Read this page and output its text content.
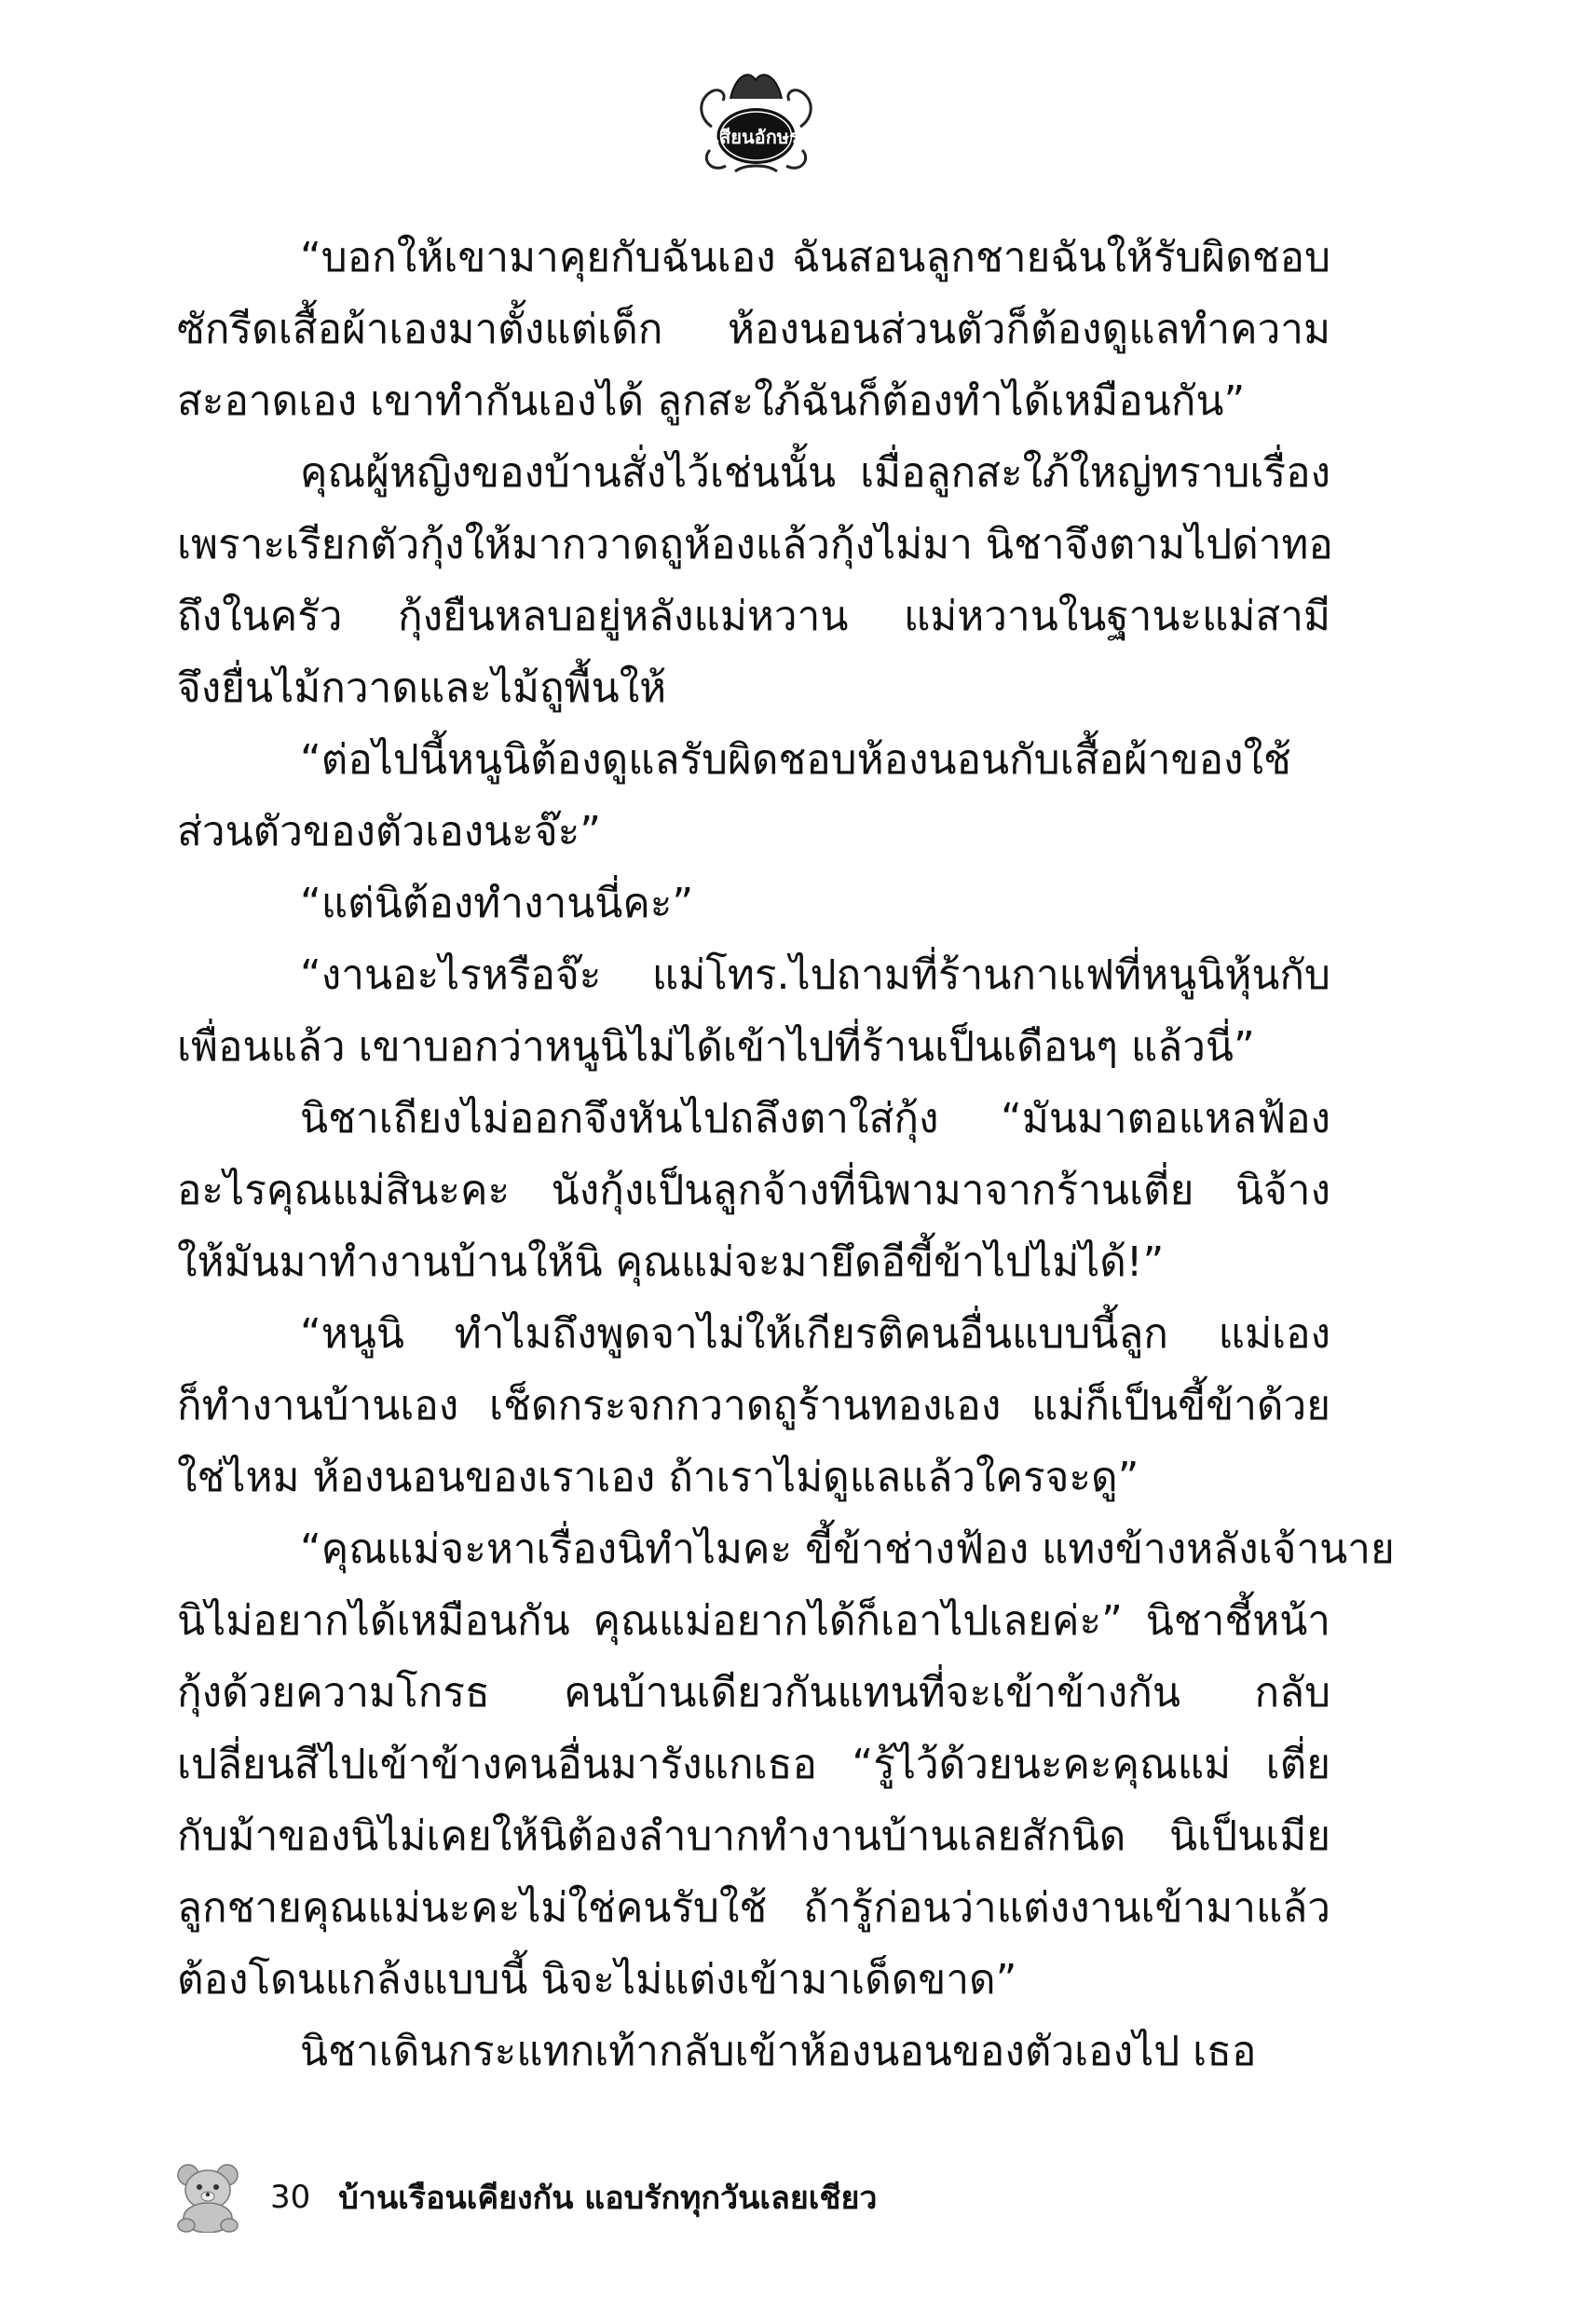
เสียนอักษร
“บอกให้เขามาคุยกับฉันเอง ฉันสอนลูกชายฉันให้รับผิดชอบ
ซักรีดเสื้อผ้าเองมาตั้งแต่เด็ก ห้องนอนส่วนตัวก็ต้องดูแลทำความ
สะอาดเอง เขาทำกันเองได้ ลูกสะใภ้ฉันก็ต้องทำได้เหมือนกัน”
คุณผู้หญิงของบ้านสั่งไว้เช่นนั้น เมื่อลูกสะใภ้ใหญ่ทราบเรื่อง
เพราะเรียกตัวกุ้งให้มากวาดถูห้องแล้วกุ้งไม่มา นิชาจึงตามไปด่าทอ
ถึงในครัว กุ้งยืนหลบอยู่หลังแม่หวาน แม่หวานในฐานะแม่สามี
จึงยื่นไม้กวาดและไม้ถูพื้นให้
“ต่อไปนี้หนูนิต้องดูแลรับผิดชอบห้องนอนกับเสื้อผ้าของใช้
ส่วนตัวของตัวเองนะจ๊ะ”
“แต่นิต้องทำงานนี่คะ”
“งานอะไรหรือจ๊ะ แม่โทร.ไปถามที่ร้านกาแฟที่หนูนิหุ้นกับ
เพื่อนแล้ว เขาบอกว่าหนูนิไม่ได้เข้าไปที่ร้านเป็นเดือนๆ แล้วนี่”
นิชาเถียงไม่ออกจึงหันไปถลึงตาใส่กุ้ง “มันมาตอแหลฟ้อง
อะไรคุณแม่สินะคะ นังกุ้งเป็นลูกจ้างที่นิพามาจากร้านเตี่ย นิจ้าง
ให้มันมาทำงานบ้านให้นิ คุณแม่จะมายึดอีขี้ข้าไปไม่ได้!”
“หนูนิ ทำไมถึงพูดจาไม่ให้เกียรติคนอื่นแบบนี้ลูก แม่เอง
ก็ทำงานบ้านเอง เช็ดกระจกกวาดถูร้านทองเอง แม่ก็เป็นขี้ข้าด้วย
ใช่ไหม ห้องนอนของเราเอง ถ้าเราไม่ดูแลแล้วใครจะดู”
“คุณแม่จะหาเรื่องนิทำไมคะ ขี้ข้าช่างฟ้อง แทงข้างหลังเจ้านาย
นิไม่อยากได้เหมือนกัน คุณแม่อยากได้ก็เอาไปเลยค่ะ” นิชาชี้หน้า
กุ้งด้วยความโกรธ คนบ้านเดียวกันแทนที่จะเข้าข้างกัน กลับ
เปลี่ยนสีไปเข้าข้างคนอื่นมารังแกเธอ “รู้ไว้ด้วยนะคะคุณแม่ เตี่ย
กับม้าของนิไม่เคยให้นิต้องลำบากทำงานบ้านเลยสักนิด นิเป็นเมีย
ลูกชายคุณแม่นะคะไม่ใช่คนรับใช้ ถ้ารู้ก่อนว่าแต่งงานเข้ามาแล้ว
ต้องโดนแกล้งแบบนี้ นิจะไม่แต่งเข้ามาเด็ดขาด”
นิชาเดินกระแทกเท้ากลับเข้าห้องนอนของตัวเองไป เธอ
30 บ้านเรือนเคียงกัน แอบรักทุกวันเลยเชียว
